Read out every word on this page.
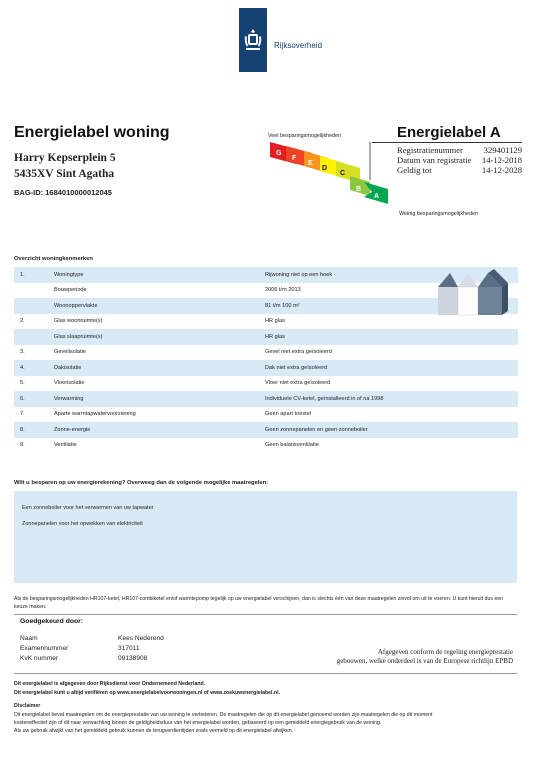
Rijksoverheid
Energielabel woning
Harry Kepserplein 5
5435XV Sint Agatha
BAG-ID: 1684010000012045
Veel besparingsmogelijkheden
Weinig besparingsmogelijkheden
D
E
F
G
C
B
A
Energielabel A
Registratienummer 329401129
Datum van registratie 14-12-2018
Geldig tot	14-12-2028
Overzicht woningkenmerken
1.	Woningtype	Rijwoning niet op een hoek
	Bouwperiode	2006 t/m 2013
	Woonoppervlakte	81 t/m 100 m²
2.	Glas woonruimte(s)	HR glas
	Glas slaapruimte(s)	HR glas
3.	Gevelisolatie	Gevel niet extra geïsoleerd
4.	Dakisolatie	Dak niet extra geïsoleerd
5.	Vloerisolatie	Vloer niet extra geïsoleerd
6.	Verwarming	Individuele CV-ketel, geïnstalleerd in of na 1998
7.	Aparte warmtapwatervoorziening	Geen apart toestel
8.	Zonne-energie	Geen zonnepanelen en geen zonneboiler
9.	Ventilatie	Geen balansventilatie
Wilt u besparen op uw energierekening? Overweeg dan de volgende mogelijke maatregelen:
Een zonneboiler voor het verwarmen van uw tapwater
Zonnepanelen voor het opwekken van elektriciteit
Als de besparingsmogelijkheden HR107-ketel, HR107-combiketel en/of warmtepomp tegelijk op uw energielabel verschijnen, dan is slechts één van deze maatregelen zinvol om uit te voeren. U kunt hieruit dus een keuze maken.
Goedgekeurd door:
Naam	Kees Nederend
Examennummer	317011
KvK nummer	09138908
Afgegeven conform de regeling energieprestatie
gebouwen, welke onderdeel is van de Europese richtlijn EPBD
Dit energielabel is afgegeven door Rijksdienst voor Ondernemend Nederland.
Dit energielabel kunt u altijd verifiëren op www.energielabelvoorwoningen.nl of www.zoekuwenergielabel.nl.
Disclaimer
Dit energielabel bevat maatregelen om de energieprestatie van uw woning te verbeteren. De maatregelen die op dit energielabel genoemd worden zijn maatregelen die op dit moment
kosteneffectief zijn of dit naar verwachting binnen de geldigheidsduur van het energielabel worden, gebaseerd op een gemiddeld energiegebruik van de woning.
Als uw gebruik afwijkt van het gemiddeld gebruik kunnen de terugverdientijden zoals vermeld op dit energielabel afwijken.
